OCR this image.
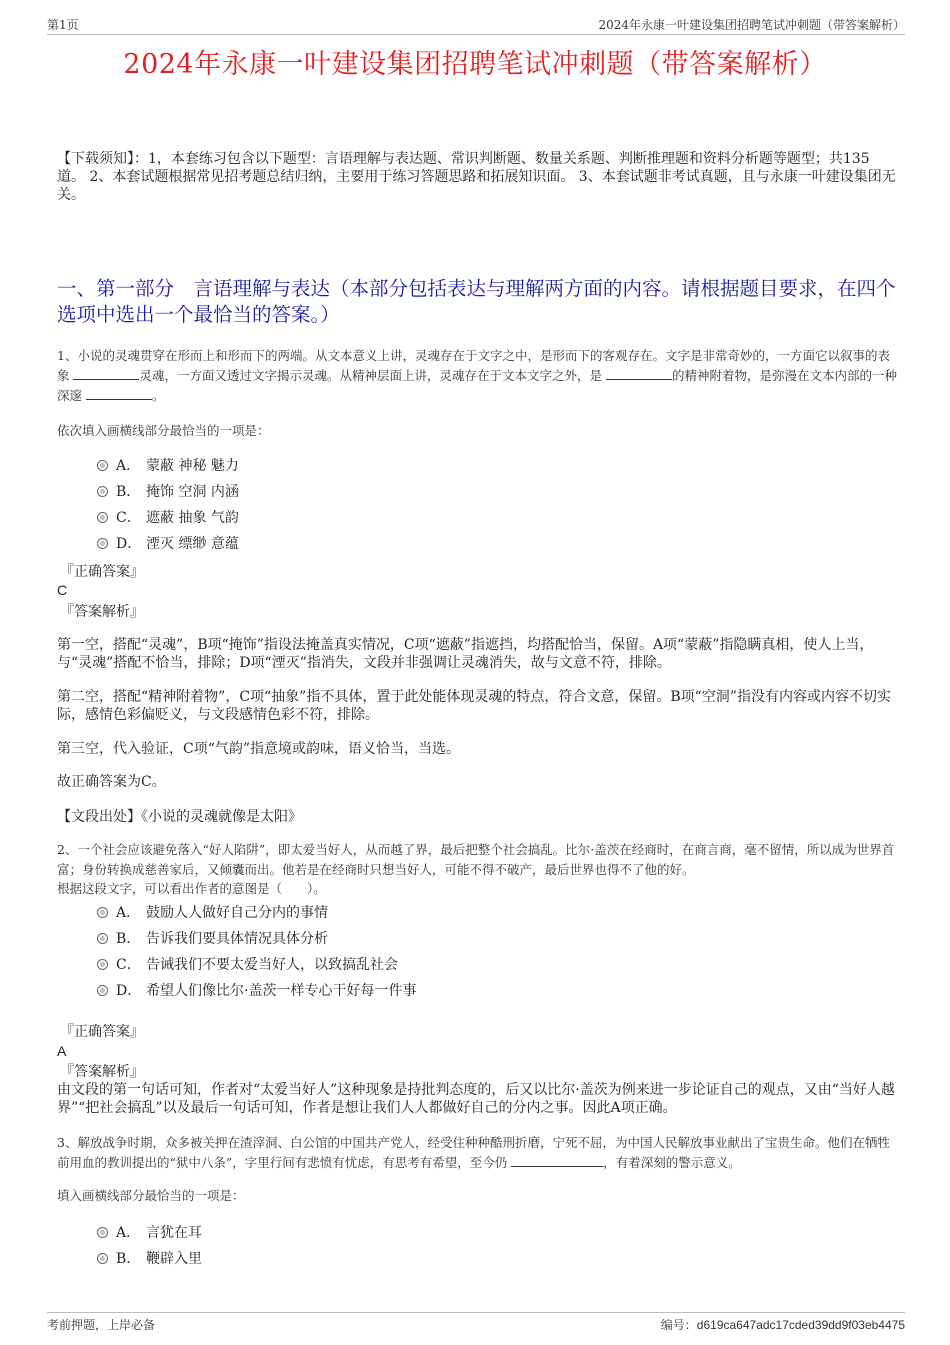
第1页	2024年永康一叶建设集团招聘笔试冲刺题（带答案解析）
2024年永康一叶建设集团招聘笔试冲刺题（带答案解析）
【下载须知】：1，本套练习包含以下题型：言语理解与表达题、常识判断题、数量关系题、判断推理题和资料分析题等题型；共135道。 2、本套试题根据常见招考题总结归纳，主要用于练习答题思路和拓展知识面。 3、本套试题非考试真题，且与永康一叶建设集团无关。
一、第一部分　言语理解与表达（本部分包括表达与理解两方面的内容。请根据题目要求，在四个选项中选出一个最恰当的答案。）
1、小说的灵魂贯穿在形而上和形而下的两端。从文本意义上讲，灵魂存在于文字之中，是形而下的客观存在。文字是非常奇妙的，一方面它以叙事的表象	灵魂，一方面又透过文字揭示灵魂。从精神层面上讲，灵魂存在于文本文字之外，是	的精神附着物，是弥漫在文本内部的一种深邃	。
依次填入画横线部分最恰当的一项是：
A． 蒙蔽 神秘 魅力
B． 掩饰 空洞 内涵
C． 遮蔽 抽象 气韵
D． 湮灭 缥缈 意蕴
『正确答案』
C
『答案解析』
第一空，搭配“灵魂”，B项“掩饰”指设法掩盖真实情况，C项“遮蔽”指遮挡，均搭配恰当，保留。A项“蒙蔽”指隐瞒真相，使人上当，与“灵魂”搭配不恰当，排除；D项“湮灭”指消失，文段并非强调让灵魂消失，故与文意不符，排除。
第二空，搭配“精神附着物”，C项“抽象”指不具体，置于此处能体现灵魂的特点，符合文意，保留。B项“空洞”指没有内容或内容不切实际，感情色彩偏贬义，与文段感情色彩不符，排除。
第三空，代入验证，C项“气韵”指意境或韵味，语义恰当，当选。
故正确答案为C。
【文段出处】《小说的灵魂就像是太阳》
2、一个社会应该避免落入“好人陷阱”，即太爱当好人，从而越了界，最后把整个社会搞乱。比尔·盖茨在经商时，在商言商，毫不留情，所以成为世界首富；身份转换成慈善家后，又倾囊而出。他若是在经商时只想当好人，可能不得不破产，最后世界也得不了他的好。
根据这段文字，可以看出作者的意图是（　　）。
A． 鼓励人人做好自己分内的事情
B． 告诉我们要具体情况具体分析
C． 告诫我们不要太爱当好人，以致搞乱社会
D． 希望人们像比尔·盖茨一样专心干好每一件事
『正确答案』
A
『答案解析』
由文段的第一句话可知，作者对“太爱当好人”这种现象是持批判态度的，后又以比尔·盖茨为例来进一步论证自己的观点，又由“当好人越界”“把社会搞乱”以及最后一句话可知，作者是想让我们人人都做好自己的分内之事。因此A项正确。
3、解放战争时期，众多被关押在渣滓洞、白公馆的中国共产党人，经受住种种酷刑折磨，宁死不屈，为中国人民解放事业献出了宝贵生命。他们在牺牲前用血的教训提出的“狱中八条”，字里行间有悲愤有忧虑，有思考有希望，至今仍	，有着深刻的警示意义。
填入画横线部分最恰当的一项是：
A． 言犹在耳
B． 鞭辟入里
考前押题，上岸必备	编号：d619ca647adc17cded39dd9f03eb4475
